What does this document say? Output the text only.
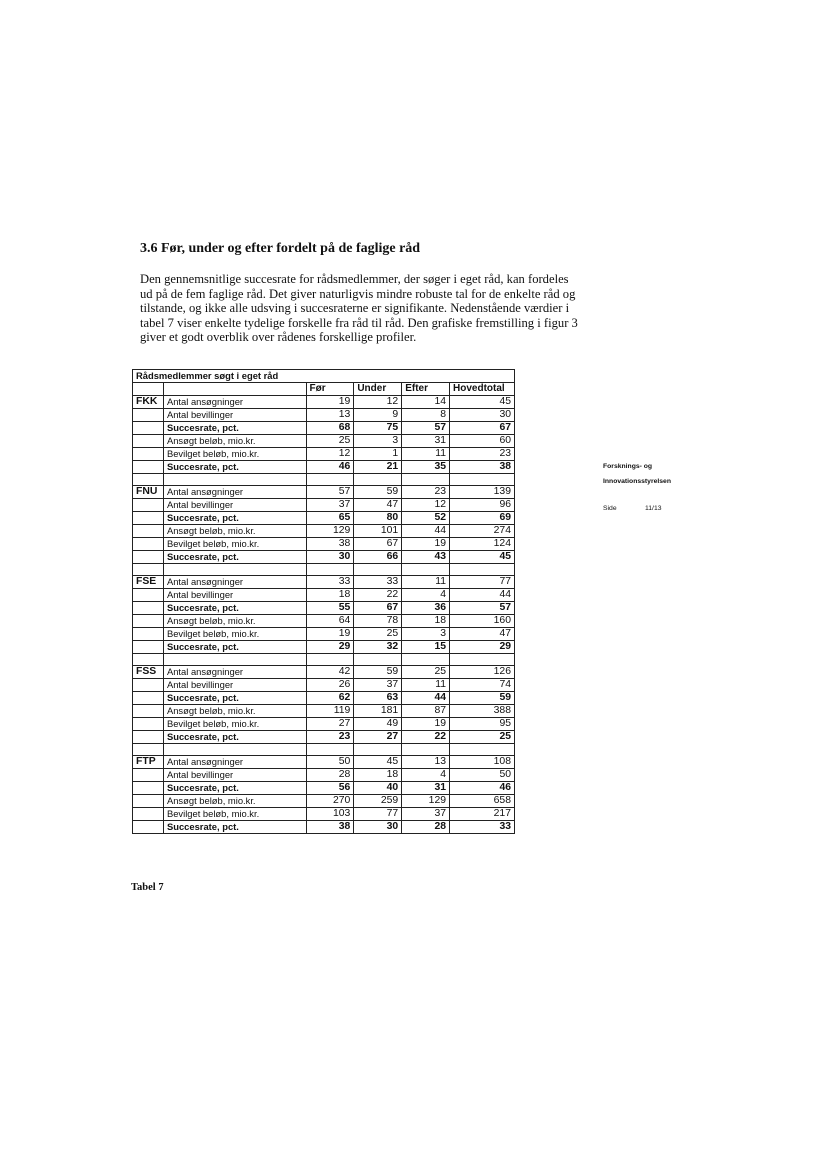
3.6 Før, under og efter fordelt på de faglige råd

Den gennemsnitlige succesrate for rådsmedlemmer, der søger i eget råd, kan fordeles ud på de fem faglige råd. Det giver naturligvis mindre robuste tal for de enkelte råd og tilstande, og ikke alle udsving i succesraterne er signifikante. Nedenstående værdier i tabel 7 viser enkelte tydelige forskelle fra råd til råd. Den grafiske fremstilling i figur 3 giver et godt overblik over rådenes forskellige profiler.

Forsknings- og
Innovationsstyrelsen
Side	11/13
Rådsmedlemmer søgt i eget råd					
		Før	Under	Efter	Hovedtotal
FKK	Antal ansøgninger	19	12	14	45
	Antal bevillinger	13	9	8	30
	Succesrate, pct.	68	75	57	67
	Ansøgt beløb, mio.kr.	25	3	31	60
	Bevilget beløb, mio.kr.	12	1	11	23
	Succesrate, pct.	46	21	35	38

FNU	Antal ansøgninger	57	59	23	139
	Antal bevillinger	37	47	12	96
	Succesrate, pct.	65	80	52	69
	Ansøgt beløb, mio.kr.	129	101	44	274
	Bevilget beløb, mio.kr.	38	67	19	124
	Succesrate, pct.	30	66	43	45

FSE	Antal ansøgninger	33	33	11	77
	Antal bevillinger	18	22	4	44
	Succesrate, pct.	55	67	36	57
	Ansøgt beløb, mio.kr.	64	78	18	160
	Bevilget beløb, mio.kr.	19	25	3	47
	Succesrate, pct.	29	32	15	29

FSS	Antal ansøgninger	42	59	25	126
	Antal bevillinger	26	37	11	74
	Succesrate, pct.	62	63	44	59
	Ansøgt beløb, mio.kr.	119	181	87	388
	Bevilget beløb, mio.kr.	27	49	19	95
	Succesrate, pct.	23	27	22	25

FTP	Antal ansøgninger	50	45	13	108
	Antal bevillinger	28	18	4	50
	Succesrate, pct.	56	40	31	46
	Ansøgt beløb, mio.kr.	270	259	129	658
	Bevilget beløb, mio.kr.	103	77	37	217
	Succesrate, pct.	38	30	28	33
Tabel 7
